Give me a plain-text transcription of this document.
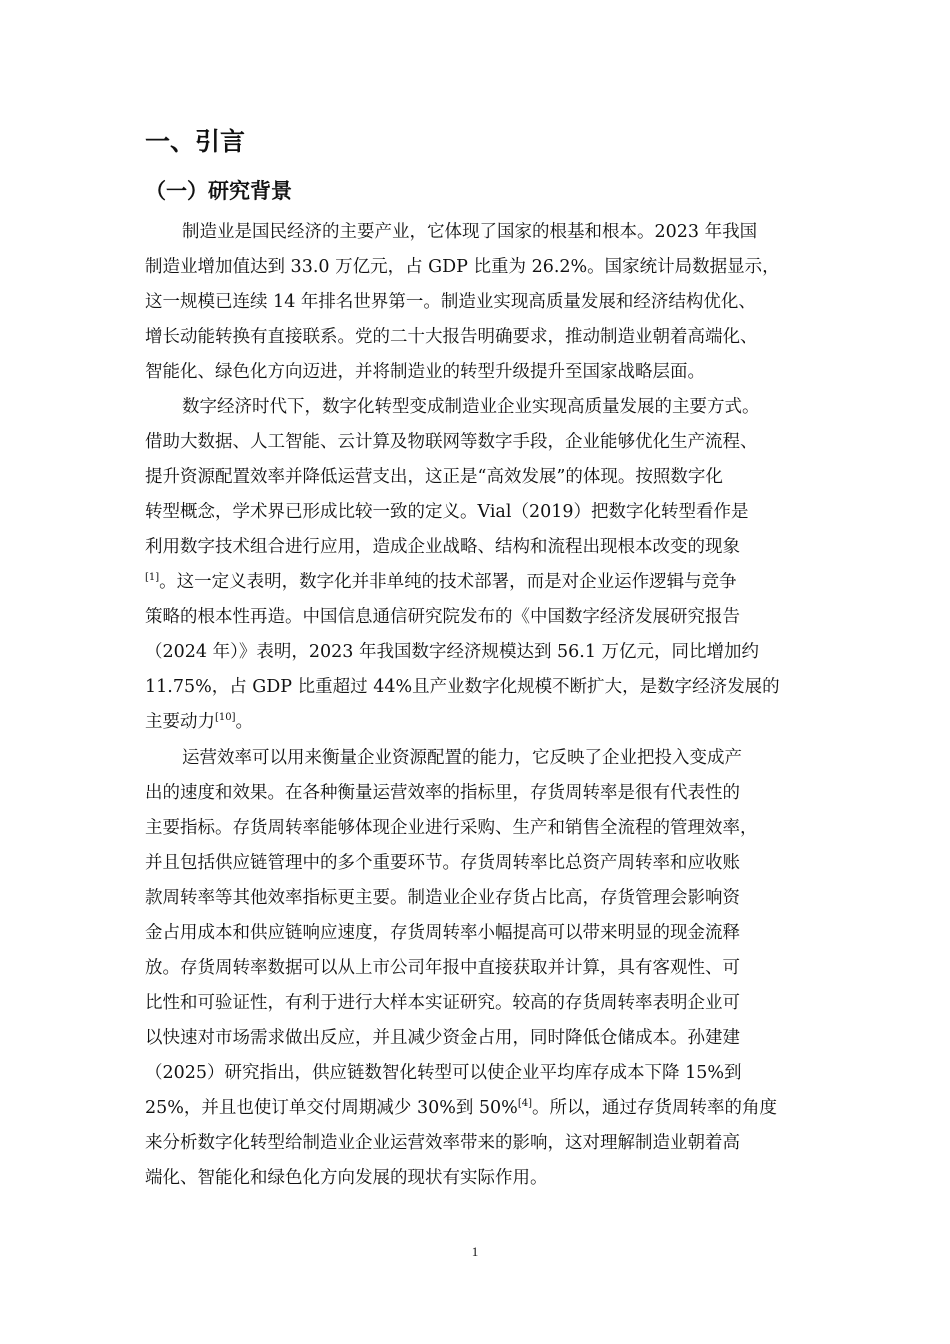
一、引言
（一）研究背景
制造业是国民经济的主要产业，它体现了国家的根基和根本。2023 年我国
制造业增加值达到 33.0 万亿元，占 GDP 比重为 26.2%。国家统计局数据显示，
这一规模已连续 14 年排名世界第一。制造业实现高质量发展和经济结构优化、
增长动能转换有直接联系。党的二十大报告明确要求，推动制造业朝着高端化、
智能化、绿色化方向迈进，并将制造业的转型升级提升至国家战略层面。
数字经济时代下，数字化转型变成制造业企业实现高质量发展的主要方式。
借助大数据、人工智能、云计算及物联网等数字手段，企业能够优化生产流程、
提升资源配置效率并降低运营支出，这正是“高效发展”的体现。按照数字化
转型概念，学术界已形成比较一致的定义。Vial（2019）把数字化转型看作是
利用数字技术组合进行应用，造成企业战略、结构和流程出现根本改变的现象
[1]。这一定义表明，数字化并非单纯的技术部署，而是对企业运作逻辑与竞争
策略的根本性再造。中国信息通信研究院发布的《中国数字经济发展研究报告
（2024 年）》表明，2023 年我国数字经济规模达到 56.1 万亿元，同比增加约
11.75%，占 GDP 比重超过 44%且产业数字化规模不断扩大，是数字经济发展的
主要动力[10]。
运营效率可以用来衡量企业资源配置的能力，它反映了企业把投入变成产
出的速度和效果。在各种衡量运营效率的指标里，存货周转率是很有代表性的
主要指标。存货周转率能够体现企业进行采购、生产和销售全流程的管理效率，
并且包括供应链管理中的多个重要环节。存货周转率比总资产周转率和应收账
款周转率等其他效率指标更主要。制造业企业存货占比高，存货管理会影响资
金占用成本和供应链响应速度，存货周转率小幅提高可以带来明显的现金流释
放。存货周转率数据可以从上市公司年报中直接获取并计算，具有客观性、可
比性和可验证性，有利于进行大样本实证研究。较高的存货周转率表明企业可
以快速对市场需求做出反应，并且减少资金占用，同时降低仓储成本。孙建建
（2025）研究指出，供应链数智化转型可以使企业平均库存成本下降 15%到
25%，并且也使订单交付周期减少 30%到 50%[4]。所以，通过存货周转率的角度
来分析数字化转型给制造业企业运营效率带来的影响，这对理解制造业朝着高
端化、智能化和绿色化方向发展的现状有实际作用。
1
